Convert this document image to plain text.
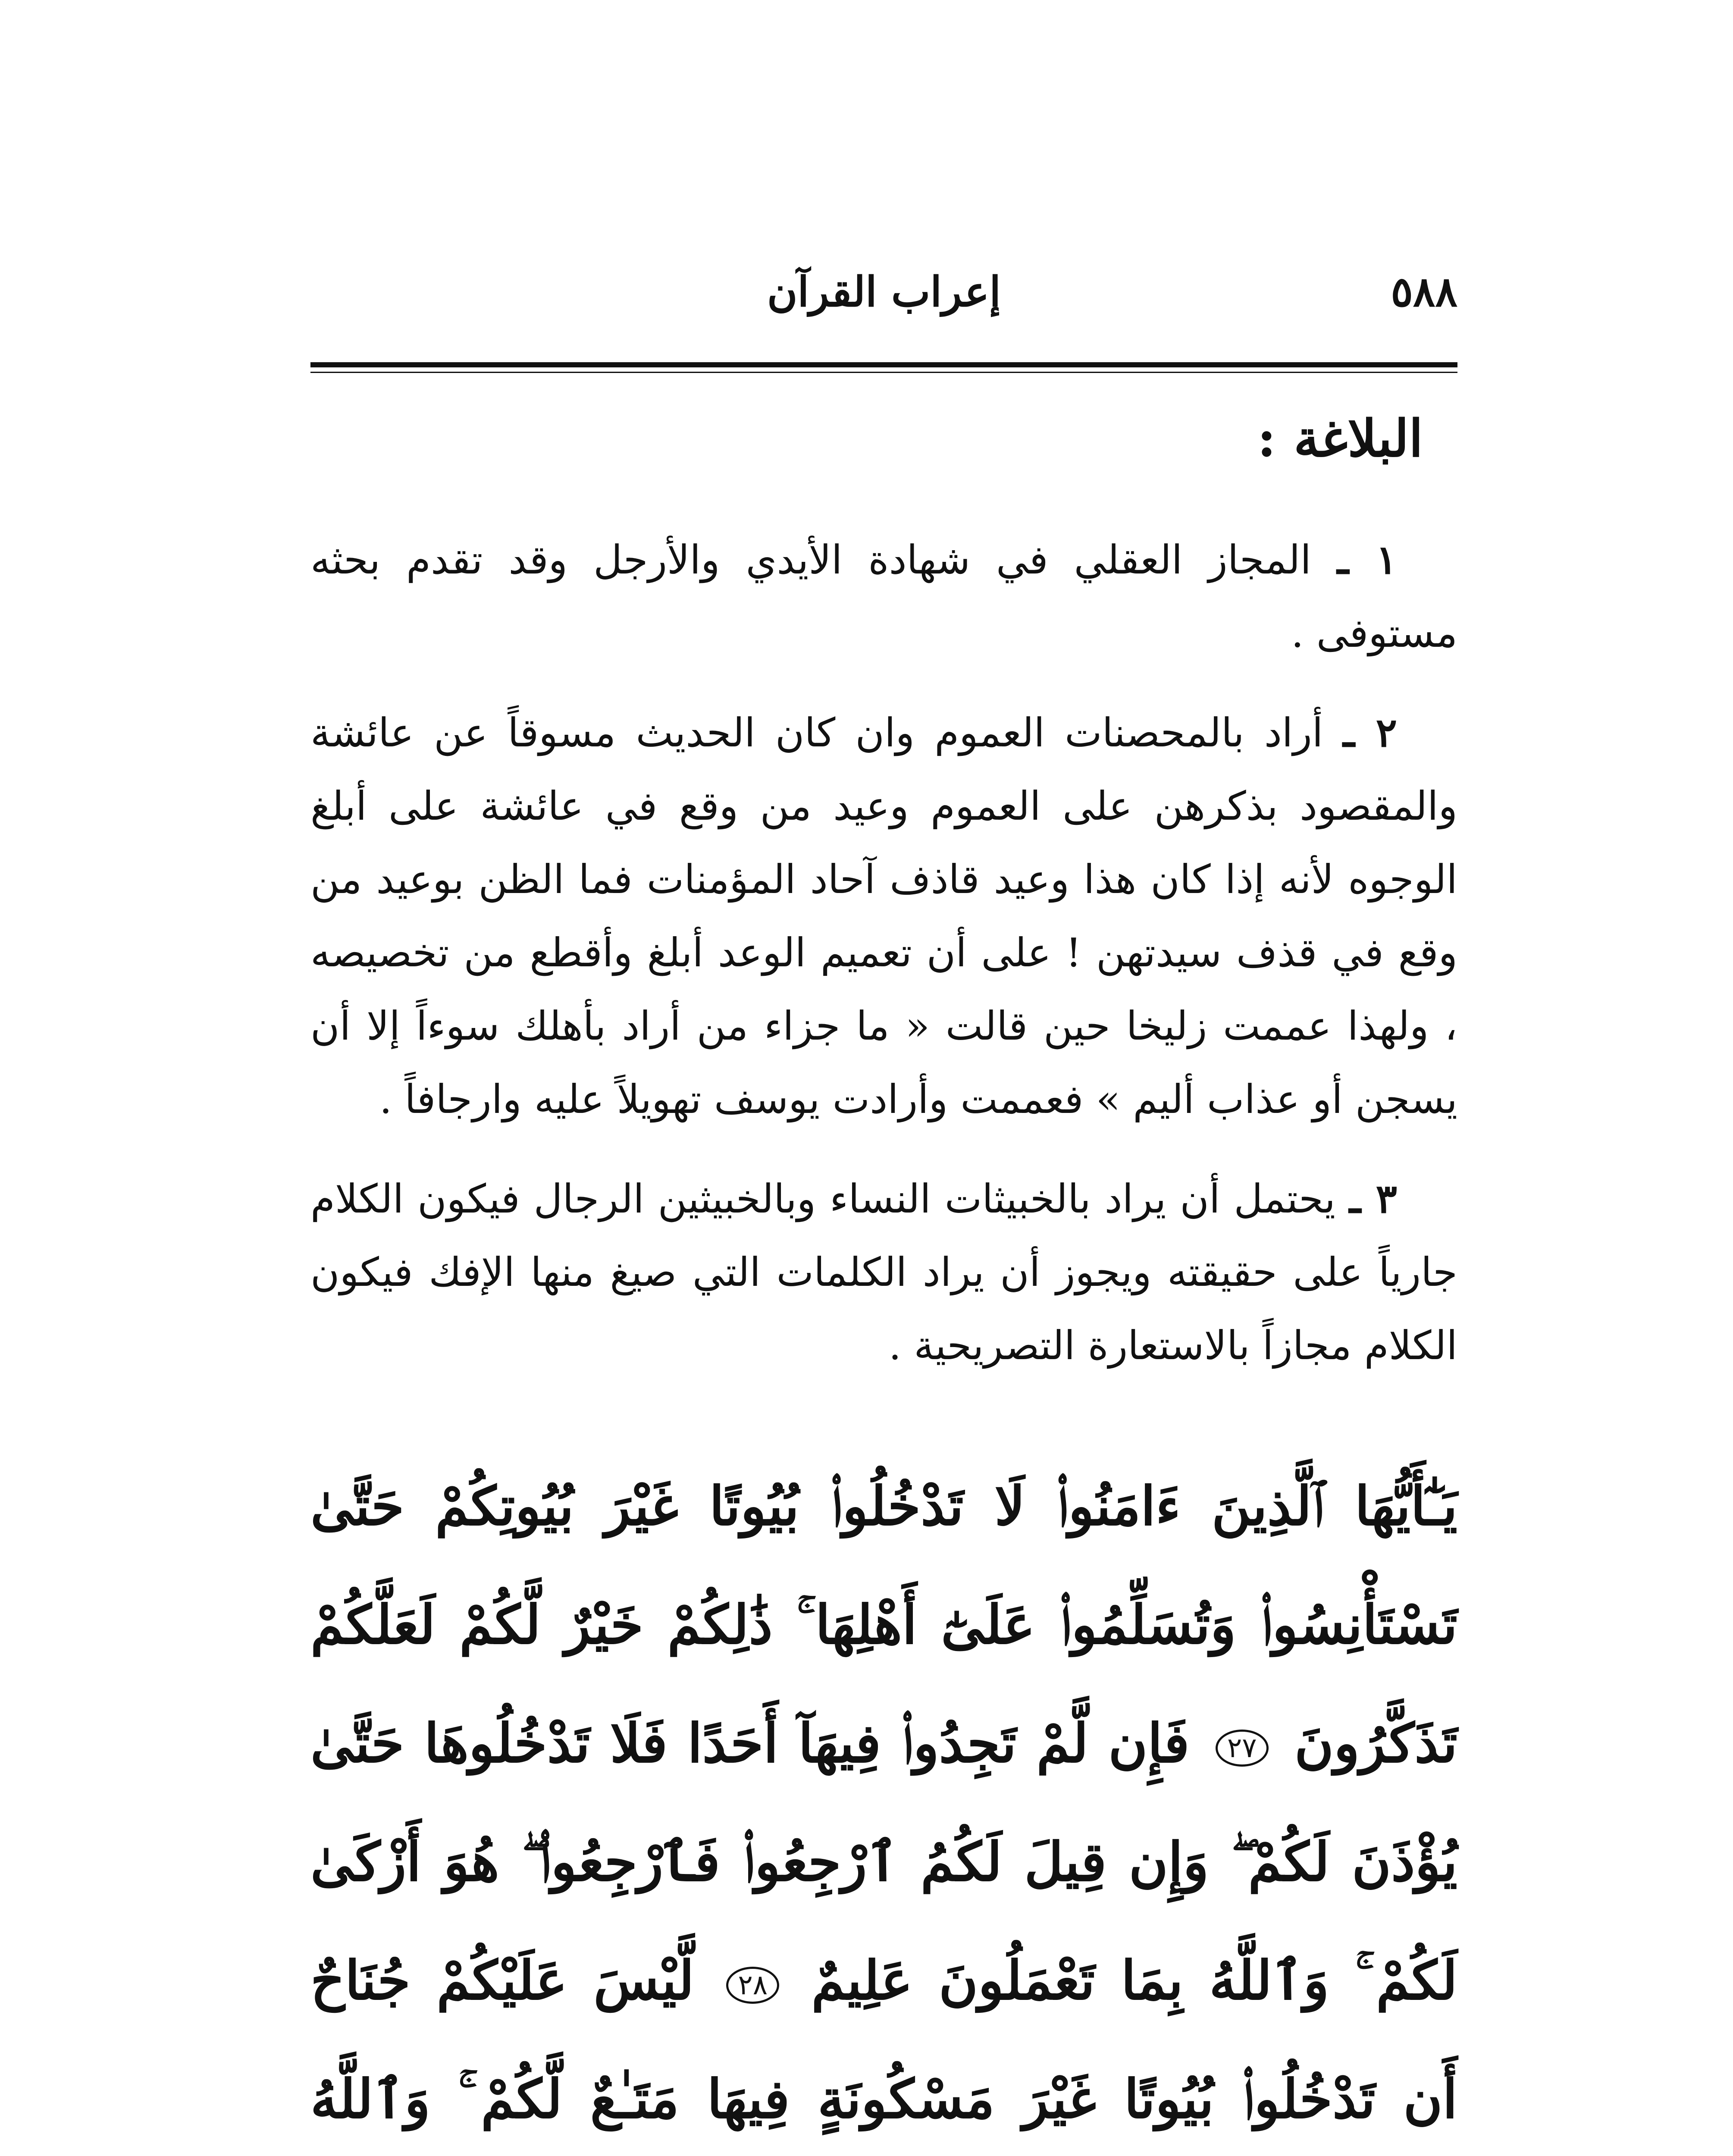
٥٨٨
إعراب القرآن
البلاغة :

١ ـ المجاز العقلي في شهادة الأيدي والأرجل وقد تقدم بحثه مستوفى .

٢ ـ أراد بالمحصنات العموم وان كان الحديث مسوقاً عن عائشة والمقصود بذكرهن على العموم وعيد من وقع في عائشة على أبلغ الوجوه لأنه إذا كان هذا وعيد قاذف آحاد المؤمنات فما الظن بوعيد من وقع في قذف سيدتهن ! على أن تعميم الوعد أبلغ وأقطع من تخصيصه ، ولهذا عممت زليخا حين قالت « ما جزاء من أراد بأهلك سوءاً إلا أن يسجن أو عذاب أليم » فعممت وأرادت يوسف تهويلاً عليه وارجافاً .

٣ ـ يحتمل أن يراد بالخبيثات النساء وبالخبيثين الرجال فيكون الكلام جارياً على حقيقته ويجوز أن يراد الكلمات التي صيغ منها الإفك فيكون الكلام مجازاً بالاستعارة التصريحية .

يَـٰٓأَيُّهَا ٱلَّذِينَ ءَامَنُوا۟ لَا تَدْخُلُوا۟ بُيُوتًا غَيْرَ بُيُوتِكُمْ حَتَّىٰ تَسْتَأْنِسُوا۟ وَتُسَلِّمُوا۟ عَلَىٰٓ أَهْلِهَا ۚ ذَٰلِكُمْ خَيْرٌ لَّكُمْ لَعَلَّكُمْ تَذَكَّرُونَ ٢٧ فَإِن لَّمْ تَجِدُوا۟ فِيهَآ أَحَدًا فَلَا تَدْخُلُوهَا حَتَّىٰ يُؤْذَنَ لَكُمْ ۖ وَإِن قِيلَ لَكُمُ ٱرْجِعُوا۟ فَٱرْجِعُوا۟ ۖ هُوَ أَزْكَىٰ لَكُمْ ۚ وَٱللَّهُ بِمَا تَعْمَلُونَ عَلِيمٌ ٢٨ لَّيْسَ عَلَيْكُمْ جُنَاحٌ أَن تَدْخُلُوا۟ بُيُوتًا غَيْرَ مَسْكُونَةٍ فِيهَا مَتَـٰعٌ لَّكُمْ ۚ وَٱللَّهُ
